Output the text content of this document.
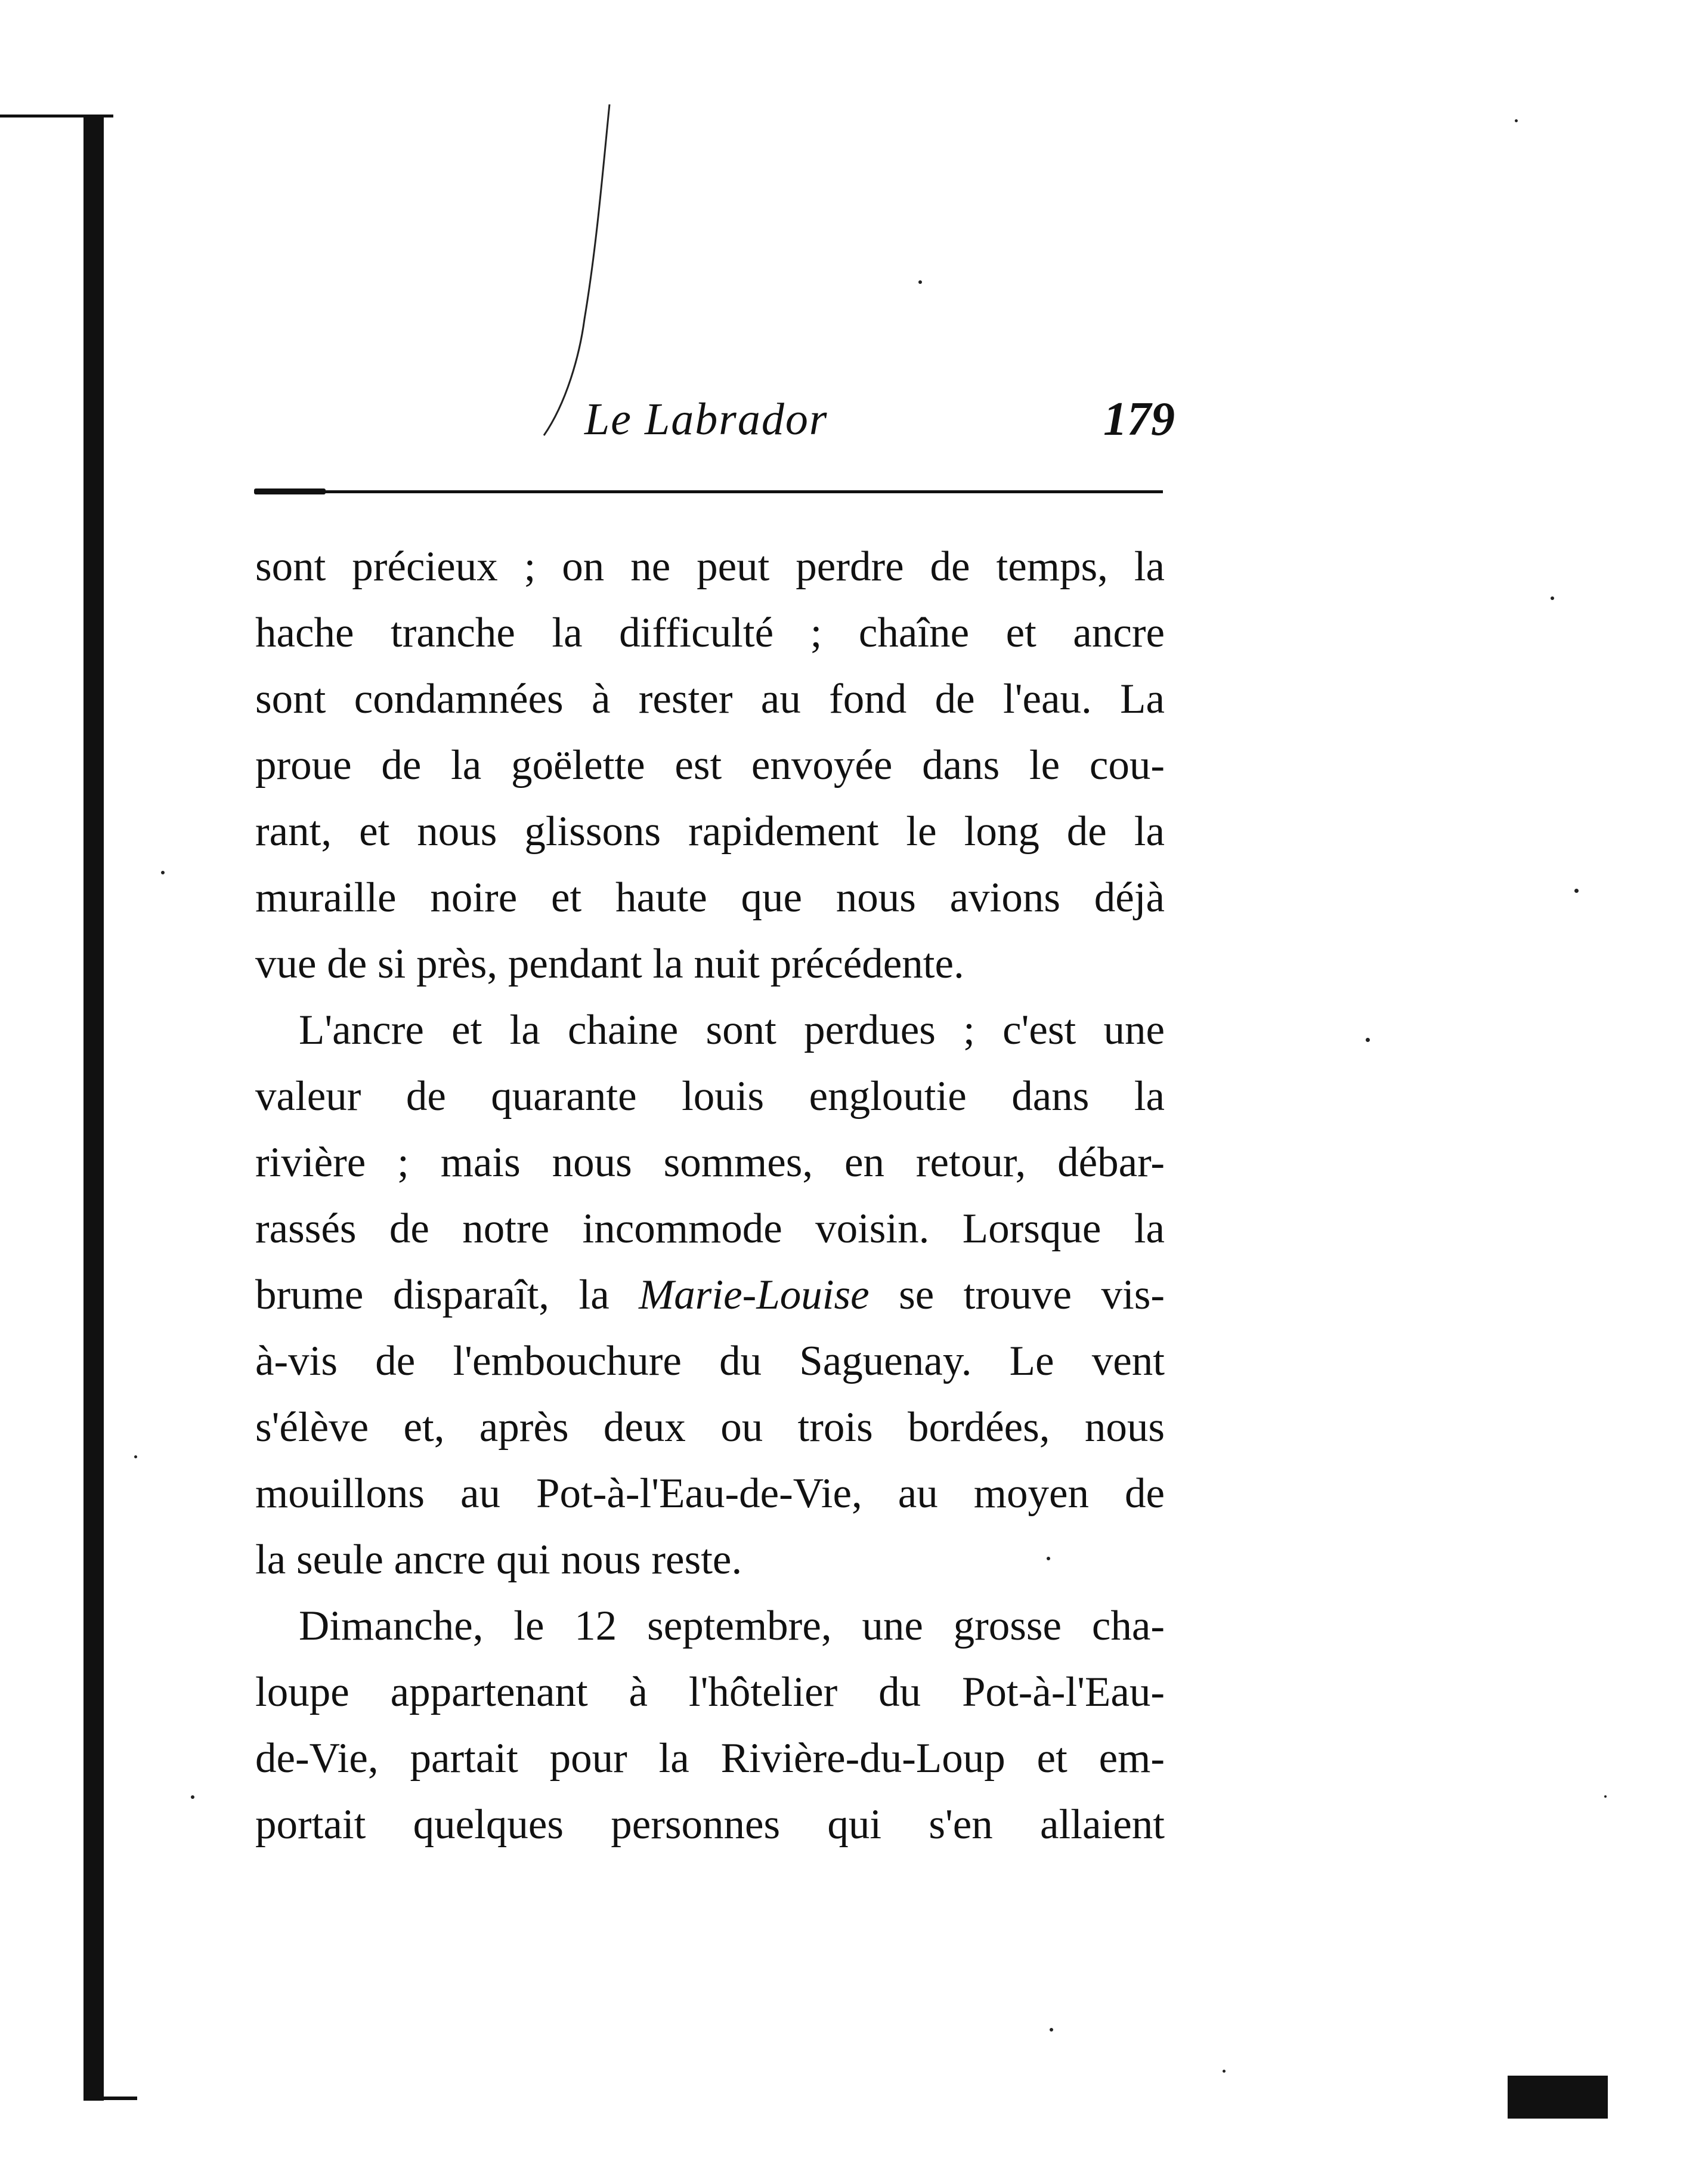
Le Labrador	179
sont précieux ; on ne peut perdre de temps, la
hache tranche la difficulté ; chaîne et ancre
sont condamnées à rester au fond de l'eau. La
proue de la goëlette est envoyée dans le cou-
rant, et nous glissons rapidement le long de la
muraille noire et haute que nous avions déjà
vue de si près, pendant la nuit précédente.
L'ancre et la chaine sont perdues ; c'est une
valeur de quarante louis engloutie dans la
rivière ; mais nous sommes, en retour, débar-
rassés de notre incommode voisin. Lorsque la
brume disparaît, la Marie-Louise se trouve vis-
à-vis de l'embouchure du Saguenay. Le vent
s'élève et, après deux ou trois bordées, nous
mouillons au Pot-à-l'Eau-de-Vie, au moyen de
la seule ancre qui nous reste.
Dimanche, le 12 septembre, une grosse cha-
loupe appartenant à l'hôtelier du Pot-à-l'Eau-
de-Vie, partait pour la Rivière-du-Loup et em-
portait quelques personnes qui s'en allaient
